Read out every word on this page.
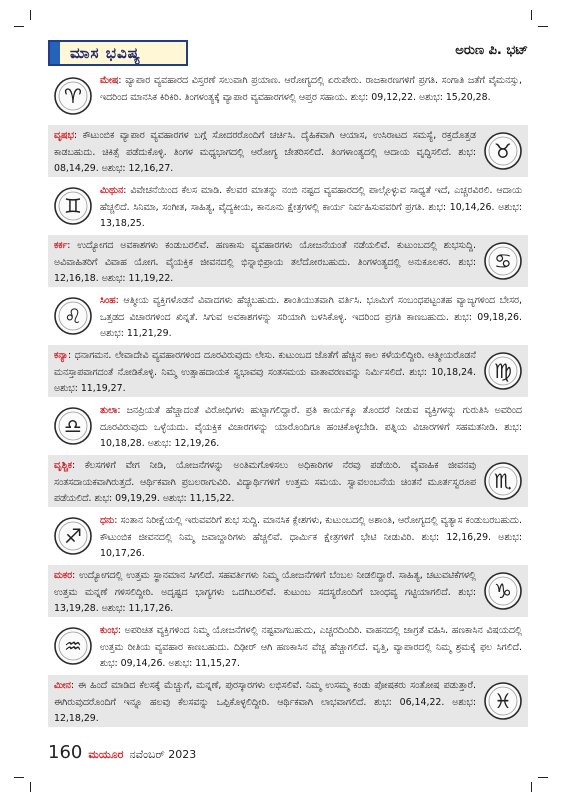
ಮಾಸ ಭವಿಷ್ಯ	ಅರುಣ ಪಿ. ಭಟ್
♈
ಮೇಷ: ವ್ಯಾಪಾರ ವ್ಯವಹಾರದ ವಿಸ್ತರಣೆ ಸಲುವಾಗಿ ಪ್ರಯಾಣ. ಆರೋಗ್ಯದಲ್ಲಿ ಏರುಪೇರು. ರಾಜಕಾರಣಗಳಿಗೆ ಪ್ರಗತಿ. ಸಂಗಾತಿ ಜತೆಗೆ ವೈಮನಸ್ಸು, ಇದರಿಂದ ಮಾನಸಿಕ ಕಿರಿಕಿರಿ. ತಿಂಗಳಂತ್ಯಕ್ಕೆ ವ್ಯಾಪಾರ ವ್ಯವಹಾರಗಳಲ್ಲಿ ಆಪ್ತರ ಸಹಾಯ. ಶುಭ: 09,12,22. ಅಶುಭ: 15,20,28.
♉
ವೃಷಭ: ಕೌಟುಂಬಿಕ ವ್ಯಾಪಾರ ವ್ಯವಹಾರಗಳ ಬಗ್ಗೆ ಸೋದರರೊಂದಿಗೆ ಚರ್ಚಿಸಿ. ದೈಹಿಕವಾಗಿ ಆಯಾಸ, ಉಸಿರಾಟದ ಸಮಸ್ಯೆ, ರಕ್ತದೊತ್ತಡ ಕಾಡಬಹುದು. ಚಿಕಿತ್ಸೆ ಪಡೆದುಕೊಳ್ಳಿ. ತಿಂಗಳ ಮಧ್ಯಭಾಗದಲ್ಲಿ ಆರೋಗ್ಯ ಚೇತರಿಸಲಿದೆ. ತಿಂಗಳಾಂತ್ಯದಲ್ಲಿ ಆದಾಯ ವೃದ್ಧಿಸಲಿದೆ. ಶುಭ: 08,14,29. ಅಶುಭ: 12,16,27.
♊
ಮಿಥುನ: ವಿವೇಚನೆಯಿಂದ ಕೆಲಸ ಮಾಡಿ. ಕೆಲವರ ಮಾತನ್ನು ನಂಬಿ ನಷ್ಟದ ವ್ಯವಹಾರದಲ್ಲಿ ಪಾಲ್ಗೊಳ್ಳುವ ಸಾಧ್ಯತೆ ಇದೆ, ಎಚ್ಚರವಿರಲಿ. ಆದಾಯ ಹೆಚ್ಚಲಿದೆ. ಸಿನಿಮಾ, ಸಂಗೀತ, ಸಾಹಿತ್ಯ, ವೈದ್ಯಕೀಯ, ಕಾನೂನು ಕ್ಷೇತ್ರಗಳಲ್ಲಿ ಕಾರ್ಯ ನಿರ್ವಹಿಸುವವರಿಗೆ ಪ್ರಗತಿ. ಶುಭ: 10,14,26. ಅಶುಭ: 13,18,25.
♋
ಕರ್ಕ: ಉದ್ಯೋಗದ ಅವಕಾಶಗಳು ಕಂಡುಬರಲಿವೆ. ಹಣಕಾಸು ವ್ಯವಹಾರಗಳು ಯೋಜನೆಯಂತೆ ನಡೆಯಲಿವೆ. ಕುಟುಂಬದಲ್ಲಿ ಶುಭಸುದ್ದಿ. ಅವಿವಾಹಿತರಿಗೆ ವಿವಾಹ ಯೋಗ. ವೈಯಕ್ತಿಕ ಜೀವನದಲ್ಲಿ ಭಿನ್ನಾಭಿಪ್ರಾಯ ತಲೆದೋರಬಹುದು. ತಿಂಗಳಂತ್ಯದಲ್ಲಿ ಅನುಕೂಲಕರ. ಶುಭ: 12,16,18. ಅಶುಭ: 11,19,22.
♌
ಸಿಂಹ: ಆತ್ಮೀಯ ವ್ಯಕ್ತಿಗಳೊಡನೆ ವಿವಾದಗಳು ಹೆಚ್ಚಬಹುದು. ಶಾಂತಿಯುತವಾಗಿ ವರ್ತಿಸಿ. ಭೂಮಿಗೆ ಸಂಬಂಧಪಟ್ಟಂತಹ ವ್ಯಾಜ್ಯಗಳಿಂದ ಬೇಸರ, ಒತ್ತಡದ ವಿಚಾರಗಳಿಂದ ಖಿನ್ನತೆ. ಸಿಗುವ ಅವಕಾಶಗಳನ್ನು ಸರಿಯಾಗಿ ಬಳಸಿಕೊಳ್ಳಿ. ಇದರಿಂದ ಪ್ರಗತಿ ಕಾಣಬಹುದು. ಶುಭ: 09,18,26. ಅಶುಭ: 11,21,29.
♍
ಕನ್ಯಾ: ಧನಾಗಮನ. ಲೇವಾದೇವಿ ವ್ಯವಹಾರಗಳಿಂದ ದೂರವಿರುವುದು ಲೇಸು. ಕುಟುಂಬದ ಜೊತೆಗೆ ಹೆಚ್ಚಿನ ಕಾಲ ಕಳೆಯಲಿದ್ದೀರಿ. ಆತ್ಮೀಯರೊಡನೆ ಮನಸ್ತಾಪವಾಗದಂತೆ ನೋಡಿಕೊಳ್ಳಿ. ನಿಮ್ಮ ಉತ್ಸಾಹದಾಯಕ ಸ್ವಭಾವವು ಸಂತಸಮಯ ವಾತಾವರಣವನ್ನು ನಿರ್ಮಿಸಲಿದೆ. ಶುಭ: 10,18,24. ಅಶುಭ: 11,19,27.
♎
ತುಲಾ: ಜನಪ್ರಿಯತೆ ಹೆಚ್ಚಾದಂತೆ ವಿರೋಧಿಗಳು ಹುಟ್ಟಾಗಲಿದ್ದಾರೆ. ಪ್ರತಿ ಕಾರ್ಯಕ್ಕೂ ತೊಂದರೆ ನೀಡುವ ವ್ಯಕ್ತಿಗಳನ್ನು ಗುರುತಿಸಿ ಅವರಿಂದ ದೂರವಿರುವುದು ಒಳ್ಳೆಯದು. ವೈಯಕ್ತಿಕ ವಿಚಾರಗಳನ್ನು ಯಾರೊಂದಿಗೂ ಹಂಚಿಕೊಳ್ಳಬೇಡಿ. ಪತ್ನಿಯ ವಿಚಾರಗಳಿಗೆ ಸಹಮತನೀಡಿ. ಶುಭ: 10,18,28. ಅಶುಭ: 12,19,26.
♏
ವೃಶ್ಚಿಕ: ಕೆಲಸಗಳಿಗೆ ವೇಗ ನೀಡಿ, ಯೋಜನೆಗಳನ್ನು ಅಂತಿಮಗೊಳಿಸಲು ಅಧಿಕಾರಿಗಳ ನೆರವು ಪಡೆಯಿರಿ. ವೈವಾಹಿಕ ಜೀವನವು ಸಂತಸದಾಯಕವಾಗಿರುತ್ತದೆ. ಆರ್ಥಿಕವಾಗಿ ಪ್ರಬಲರಾಗುವಿರಿ. ವಿದ್ಯಾರ್ಥಿಗಳಿಗೆ ಉತ್ತಮ ಸಮಯ. ಸ್ವಾವಲಂಬನೆಯ ಚಿಂತನೆ ಮೂರ್ತಸ್ವರೂಪ ಪಡೆಯಲಿದೆ. ಶುಭ: 09,19,29. ಅಶುಭ: 11,15,22.
♐
ಧನು: ಸಂತಾನ ನಿರೀಕ್ಷೆಯಲ್ಲಿ ಇರುವವರಿಗೆ ಶುಭ ಸುದ್ದಿ. ಮಾನಸಿಕ ಕ್ಲೇಶಗಳು, ಕುಟುಂಬದಲ್ಲಿ ಅಶಾಂತಿ, ಆರೋಗ್ಯದಲ್ಲಿ ವ್ಯತ್ಯಾಸ ಕಂಡುಬರಬಹುದು. ಕೌಟುಂಬಿಕ ಜೀವನದಲ್ಲಿ ನಿಮ್ಮ ಜವಾಬ್ದಾರಿಗಳು ಹೆಚ್ಚಲಿವೆ. ಧಾರ್ಮಿಕ ಕ್ಷೇತ್ರಗಳಿಗೆ ಭೇಟಿ ನೀಡುವಿರಿ. ಶುಭ: 12,16,29. ಅಶುಭ: 10,17,26.
♑
ಮಕರ: ಉದ್ಯೋಗದಲ್ಲಿ ಉತ್ತಮ ಸ್ಥಾನಮಾನ ಸಿಗಲಿದೆ. ಸಹವರ್ತಿಗಳು ನಿಮ್ಮ ಯೋಜನೆಗಳಿಗೆ ಬೆಂಬಲ ನೀಡಲಿದ್ದಾರೆ. ಸಾಹಿತ್ಯ, ಚಟುವಟಿಕೆಗಳಲ್ಲಿ ಉತ್ತಮ ಮನ್ನಣೆ ಗಳಿಸಲಿದ್ದೀರಿ. ಅದೃಷ್ಟದ ಭಾಗ್ಯಗಳು ಒದಗಿಬರಲಿವೆ. ಕುಟುಂಬ ಸದಸ್ಯರೊಂದಿಗೆ ಬಾಂಧವ್ಯ ಗಟ್ಟಿಯಾಗಲಿದೆ. ಶುಭ: 13,19,28. ಅಶುಭ: 11,17,26.
♒
ಕುಂಭ: ಅಪರಿಚಿತ ವ್ಯಕ್ತಿಗಳಿಂದ ನಿಮ್ಮ ಯೋಜನೆಗಳಲ್ಲಿ ನಷ್ಟವಾಗಬಹುದು, ಎಚ್ಚರದಿಂದಿರಿ. ವಾಹನದಲ್ಲಿ ಜಾಗ್ರತೆ ವಹಿಸಿ. ಹಣಕಾಸಿನ ವಿಷಯದಲ್ಲಿ ಉತ್ತಮ ರೀತಿಯ ವ್ಯವಹಾರ ಕಾಣಬಹುದು. ದಿಢೀರ್ ಆಗಿ ಹಣಕಾಸಿನ ವೆಚ್ಚ ಹೆಚ್ಚಾಗಲಿದೆ. ವೃತ್ತಿ, ವ್ಯಾಪಾರದಲ್ಲಿ ನಿಮ್ಮ ಶ್ರಮಕ್ಕೆ ಫಲ ಸಿಗಲಿದೆ. ಶುಭ: 09,14,26. ಅಶುಭ: 11,15,27.
♓
ಮೀನ: ಈ ಹಿಂದೆ ಮಾಡಿದ ಕೆಲಸಕ್ಕೆ ಮೆಚ್ಚುಗೆ, ಮನ್ನಣೆ, ಪುರಸ್ಕಾರಗಳು ಲಭಿಸಲಿವೆ. ನಿಮ್ಮ ಉಸಮ್ಮ ಕಂಡು ಪೋಷಕರು ಸಂತೋಷ ಪಡುತ್ತಾರೆ. ಈಗಿರುವುದರೊಂದಿಗೆ ಇನ್ನೂ ಹಲವು ಕೆಲಸವನ್ನು ಒಪ್ಪಿಕೊಳ್ಳಲಿದ್ದೀರಿ. ಆರ್ಥಿಕವಾಗಿ ಲಾಭವಾಗಲಿದೆ. ಶುಭ: 06,14,22. ಅಶುಭ: 12,18,29.
160 ಮಯೂರ ನವೆಂಬರ್ 2023
